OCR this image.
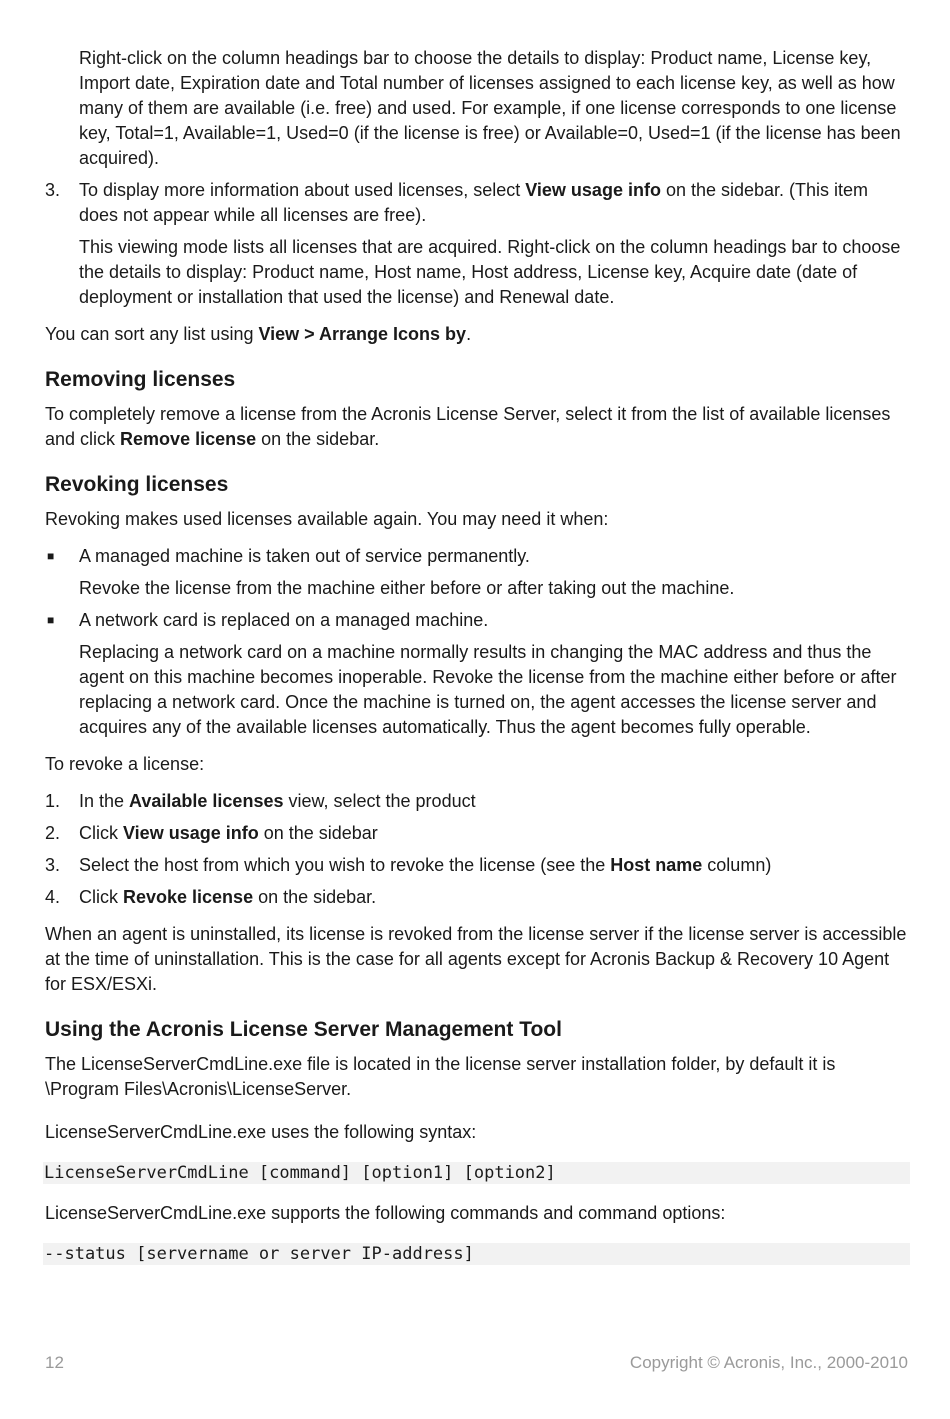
Right-click on the column headings bar to choose the details to display: Product name, License key, Import date, Expiration date and Total number of licenses assigned to each license key, as well as how many of them are available (i.e. free) and used. For example, if one license corresponds to one license key, Total=1, Available=1, Used=0 (if the license is free) or Available=0, Used=1 (if the license has been acquired).

3. To display more information about used licenses, select View usage info on the sidebar. (This item does not appear while all licenses are free).

This viewing mode lists all licenses that are acquired. Right-click on the column headings bar to choose the details to display: Product name, Host name, Host address, License key, Acquire date (date of deployment or installation that used the license) and Renewal date.

You can sort any list using View > Arrange Icons by.

Removing licenses

To completely remove a license from the Acronis License Server, select it from the list of available licenses and click Remove license on the sidebar.

Revoking licenses

Revoking makes used licenses available again. You may need it when:

■ A managed machine is taken out of service permanently.

Revoke the license from the machine either before or after taking out the machine.

■ A network card is replaced on a managed machine.

Replacing a network card on a machine normally results in changing the MAC address and thus the agent on this machine becomes inoperable. Revoke the license from the machine either before or after replacing a network card. Once the machine is turned on, the agent accesses the license server and acquires any of the available licenses automatically. Thus the agent becomes fully operable.

To revoke a license:

1. In the Available licenses view, select the product
2. Click View usage info on the sidebar
3. Select the host from which you wish to revoke the license (see the Host name column)
4. Click Revoke license on the sidebar.

When an agent is uninstalled, its license is revoked from the license server if the license server is accessible at the time of uninstallation. This is the case for all agents except for Acronis Backup & Recovery 10 Agent for ESX/ESXi.

Using the Acronis License Server Management Tool

The LicenseServerCmdLine.exe file is located in the license server installation folder, by default it is \Program Files\Acronis\LicenseServer.

LicenseServerCmdLine.exe uses the following syntax:

LicenseServerCmdLine [command] [option1] [option2]

LicenseServerCmdLine.exe supports the following commands and command options:

--status [servername or server IP-address]
12	Copyright © Acronis, Inc., 2000-2010
